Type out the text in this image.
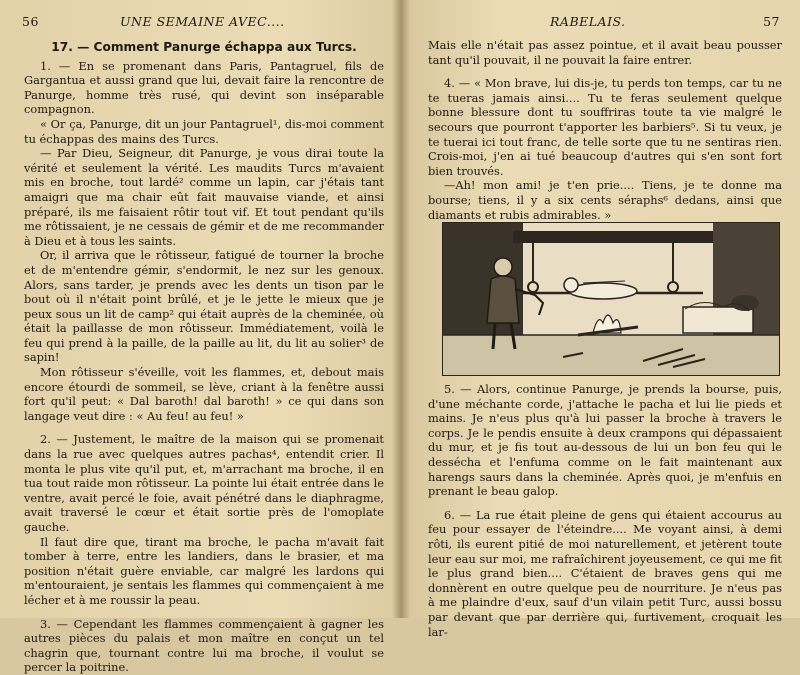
56	UNE SEMAINE AVEC....
17. — Comment Panurge échappa aux Turcs.

1. — En se promenant dans Paris, Pantagruel, fils de Gargantua et aussi grand que lui, devait faire la rencontre de Panurge, homme très rusé, qui devint son inséparable compagnon.

« Or ça, Panurge, dit un jour Pantagruel¹, dis-moi comment tu échappas des mains des Turcs.

— Par Dieu, Seigneur, dit Panurge, je vous dirai toute la vérité et seulement la vérité. Les maudits Turcs m'avaient mis en broche, tout lardé² comme un lapin, car j'étais tant amaigri que ma chair eût fait mauvaise viande, et ainsi préparé, ils me faisaient rôtir tout vif. Et tout pendant qu'ils me rôtissaient, je ne cessais de gémir et de me recommander à Dieu et à tous les saints.

Or, il arriva que le rôtisseur, fatigué de tourner la broche et de m'entendre gémir, s'endormit, le nez sur les genoux. Alors, sans tarder, je prends avec les dents un tison par le bout où il n'était point brûlé, et je le jette le mieux que je peux sous un lit de camp² qui était auprès de la cheminée, où était la paillasse de mon rôtisseur. Immédiatement, voilà le feu qui prend à la paille, de la paille au lit, du lit au solier³ de sapin!

Mon rôtisseur s'éveille, voit les flammes, et, debout mais encore étourdi de sommeil, se lève, criant à la fenêtre aussi fort qu'il peut: « Dal baroth! dal baroth! » ce qui dans son langage veut dire : « Au feu! au feu! »

2. — Justement, le maître de la maison qui se promenait dans la rue avec quelques autres pachas⁴, entendit crier. Il monta le plus vite qu'il put, et, m'arrachant ma broche, il en tua tout raide mon rôtisseur. La pointe lui était entrée dans le ventre, avait percé le foie, avait pénétré dans le diaphragme, avait traversé le cœur et était sortie près de l'omoplate gauche.

Il faut dire que, tirant ma broche, le pacha m'avait fait tomber à terre, entre les landiers, dans le brasier, et ma position n'était guère enviable, car malgré les lardons qui m'entouraient, je sentais les flammes qui commençaient à me lécher et à me roussir la peau.

3. — Cependant les flammes commençaient à gagner les autres pièces du palais et mon maître en conçut un tel chagrin que, tournant contre lui ma broche, il voulut se percer la poitrine.

RABELAIS.	57

Mais elle n'était pas assez pointue, et il avait beau pousser tant qu'il pouvait, il ne pouvait la faire entrer.

4. — « Mon brave, lui dis-je, tu perds ton temps, car tu ne te tueras jamais ainsi.... Tu te feras seulement quelque bonne blessure dont tu souffriras toute ta vie malgré le secours que pourront t'apporter les barbiers⁵. Si tu veux, je te tuerai ici tout franc, de telle sorte que tu ne sentiras rien. Crois-moi, j'en ai tué beaucoup d'autres qui s'en sont fort bien trouvés.

—Ah! mon ami! je t'en prie.... Tiens, je te donne ma bourse; tiens, il y a six cents séraphs⁶ dedans, ainsi que diamants et rubis admirables. »

5. — Alors, continue Panurge, je prends la bourse, puis, d'une méchante corde, j'attache le pacha et lui lie pieds et mains. Je n'eus plus qu'à lui passer la broche à travers le corps. Je le pendis ensuite à deux crampons qui dépassaient du mur, et je fis tout au-dessous de lui un bon feu qui le dessécha et l'enfuma comme on le fait maintenant aux harengs saurs dans la cheminée. Après quoi, je m'enfuis en prenant le beau galop.

6. — La rue était pleine de gens qui étaient accourus au feu pour essayer de l'éteindre.... Me voyant ainsi, à demi rôti, ils eurent pitié de moi naturellement, et jetèrent toute leur eau sur moi, me rafraîchirent joyeusement, ce qui me fit le plus grand bien.... C'étaient de braves gens qui me donnèrent en outre quelque peu de nourriture. Je n'eus pas à me plaindre d'eux, sauf d'un vilain petit Turc, aussi bossu par devant que par derrière qui, furtivement, croquait les lar-
